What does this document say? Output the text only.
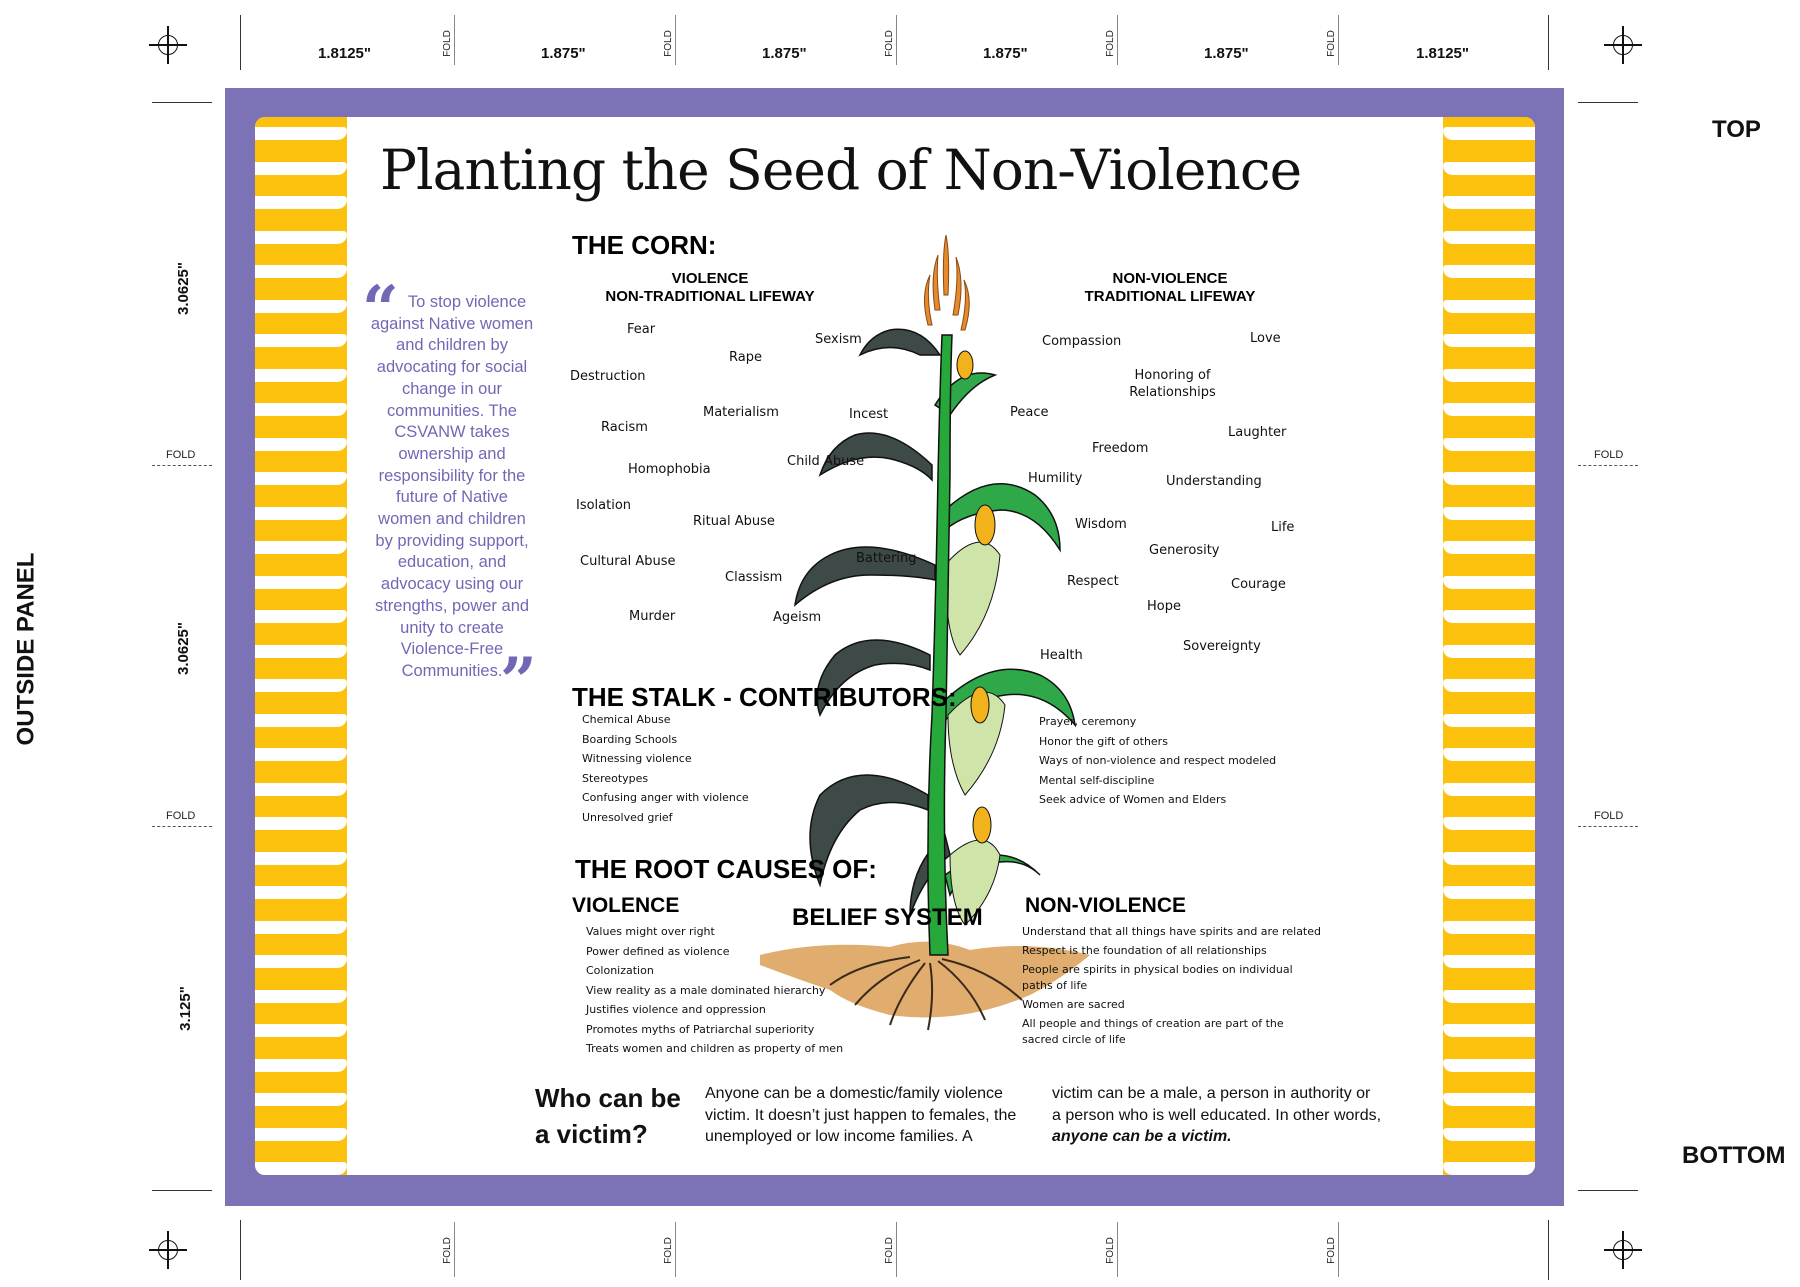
1.8125"	1.875"	1.875"	1.875"	1.875"	1.8125"
FOLD	FOLD	FOLD	FOLD	FOLD
FOLD	FOLD	FOLD	FOLD	FOLD
3.0625"
3.0625"
3.125"
FOLD
FOLD
FOLD
FOLD
TOP
BOTTOM
OUTSIDE PANEL
Planting the Seed of Non-Violence
“ To stop violence against Native women and children by advocating for social change in our communities. The CSVANW takes ownership and responsibility for the future of Native women and children by providing support, education, and advocacy using our strengths, power and unity to create Violence-Free Communities.
”
THE CORN:
VIOLENCE
NON-TRADITIONAL LIFEWAY
NON-VIOLENCE
TRADITIONAL LIFEWAY
Fear
Sexism
Rape
Destruction
Materialism	Incest
Racism
Child Abuse
Homophobia
Isolation
Ritual Abuse
Cultural Abuse	Battering
Classism
Murder	Ageism
Compassion	Love
Honoring of Relationships
Peace
Laughter
Freedom
Humility	Understanding
Wisdom	Life
Generosity
Respect	Courage
Hope
Health
Sovereignty
THE STALK - CONTRIBUTORS:
Chemical Abuse
Boarding Schools
Witnessing violence
Stereotypes
Confusing anger with violence
Unresolved grief
Prayer, ceremony
Honor the gift of others
Ways of non-violence and respect modeled
Mental self-discipline
Seek advice of Women and Elders
THE ROOT CAUSES OF:
VIOLENCE	BELIEF SYSTEM NON-VIOLENCE
Values might over right
Power defined as violence
Colonization
View reality as a male dominated hierarchy
Justifies violence and oppression
Promotes myths of Patriarchal superiority
Treats women and children as property of men
Understand that all things have spirits and are related
Respect is the foundation of all relationships
People are spirits in physical bodies on individual paths of life
Women are sacred
All people and things of creation are part of the sacred circle of life
Who can be
a victim?
Anyone can be a domestic/family violence victim. It doesn’t just happen to females, the unemployed or low income families. A
victim can be a male, a person in authority or a person who is well educated. In other words, anyone can be a victim.
